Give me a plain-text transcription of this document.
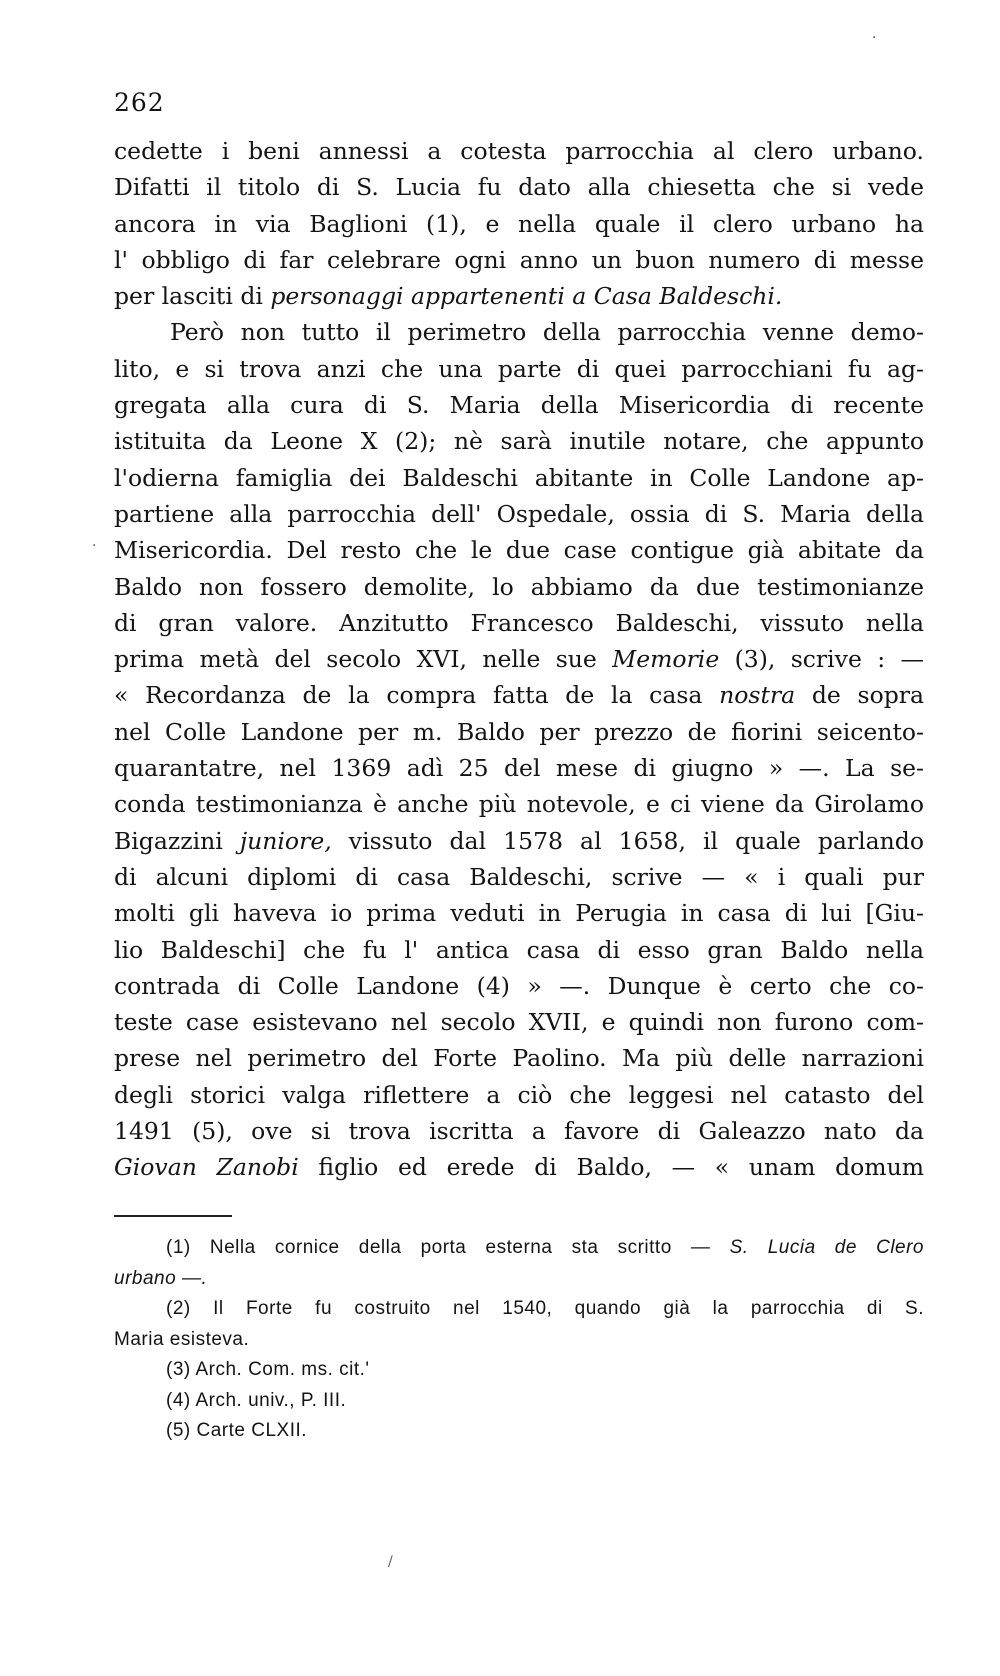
262
cedette i beni annessi a cotesta parrocchia al clero urbano.
Difatti il titolo di S. Lucia fu dato alla chiesetta che si vede
ancora in via Baglioni (1), e nella quale il clero urbano ha
l' obbligo di far celebrare ogni anno un buon numero di messe
per lasciti di personaggi appartenenti a Casa Baldeschi.
Però non tutto il perimetro della parrocchia venne demo-
lito, e si trova anzi che una parte di quei parrocchiani fu ag-
gregata alla cura di S. Maria della Misericordia di recente
istituita da Leone X (2); nè sarà inutile notare, che appunto
l'odierna famiglia dei Baldeschi abitante in Colle Landone ap-
partiene alla parrocchia dell' Ospedale, ossia di S. Maria della
Misericordia. Del resto che le due case contigue già abitate da
Baldo non fossero demolite, lo abbiamo da due testimonianze
di gran valore. Anzitutto Francesco Baldeschi, vissuto nella
prima metà del secolo XVI, nelle sue Memorie (3), scrive : —
« Recordanza de la compra fatta de la casa nostra de sopra
nel Colle Landone per m. Baldo per prezzo de fiorini seicento-
quarantatre, nel 1369 adì 25 del mese di giugno » —. La se-
conda testimonianza è anche più notevole, e ci viene da Girolamo
Bigazzini juniore, vissuto dal 1578 al 1658, il quale parlando
di alcuni diplomi di casa Baldeschi, scrive — « i quali pur
molti gli haveva io prima veduti in Perugia in casa di lui [Giu-
lio Baldeschi] che fu l' antica casa di esso gran Baldo nella
contrada di Colle Landone (4) » —. Dunque è certo che co-
teste case esistevano nel secolo XVII, e quindi non furono com-
prese nel perimetro del Forte Paolino. Ma più delle narrazioni
degli storici valga riflettere a ciò che leggesi nel catasto del
1491 (5), ove si trova iscritta a favore di Galeazzo nato da
Giovan Zanobi figlio ed erede di Baldo, — « unam domum
(1) Nella cornice della porta esterna sta scritto — S. Lucia de Clero
urbano —.
(2) Il Forte fu costruito nel 1540, quando già la parrocchia di S.
Maria esisteva.
(3) Arch. Com. ms. cit.'
(4) Arch. univ., P. III.
(5) Carte CLXII.
·
·
/
